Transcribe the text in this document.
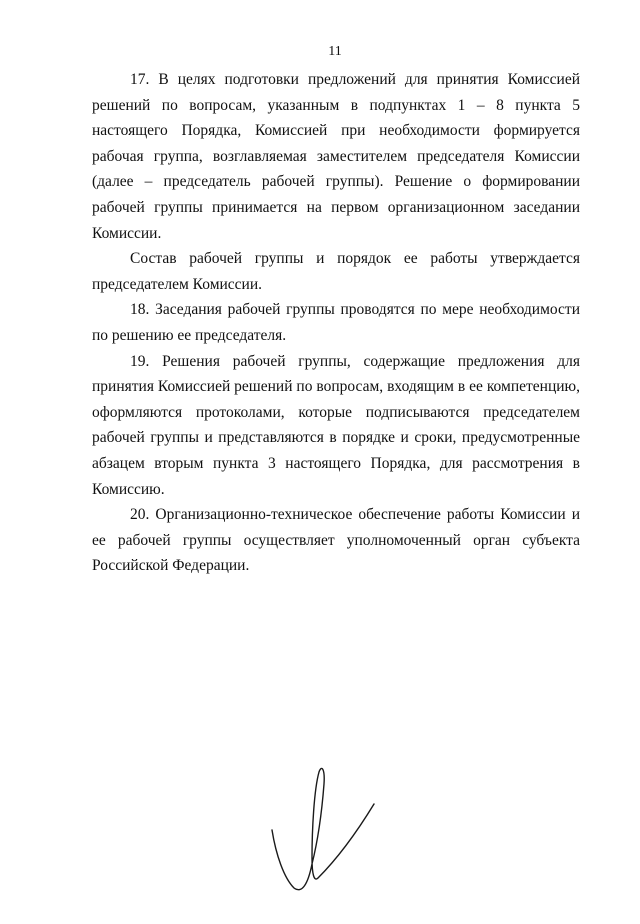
11

17. В целях подготовки предложений для принятия Комиссией решений по вопросам, указанным в подпунктах 1 – 8 пункта 5 настоящего Порядка, Комиссией при необходимости формируется рабочая группа, возглавляемая заместителем председателя Комиссии (далее – председатель рабочей группы). Решение о формировании рабочей группы принимается на первом организационном заседании Комиссии.

Состав рабочей группы и порядок ее работы утверждается председателем Комиссии.

18. Заседания рабочей группы проводятся по мере необходимости по решению ее председателя.

19. Решения рабочей группы, содержащие предложения для принятия Комиссией решений по вопросам, входящим в ее компетенцию, оформляются протоколами, которые подписываются председателем рабочей группы и представляются в порядке и сроки, предусмотренные абзацем вторым пункта 3 настоящего Порядка, для рассмотрения в Комиссию.

20. Организационно-техническое обеспечение работы Комиссии и ее рабочей группы осуществляет уполномоченный орган субъекта Российской Федерации.
